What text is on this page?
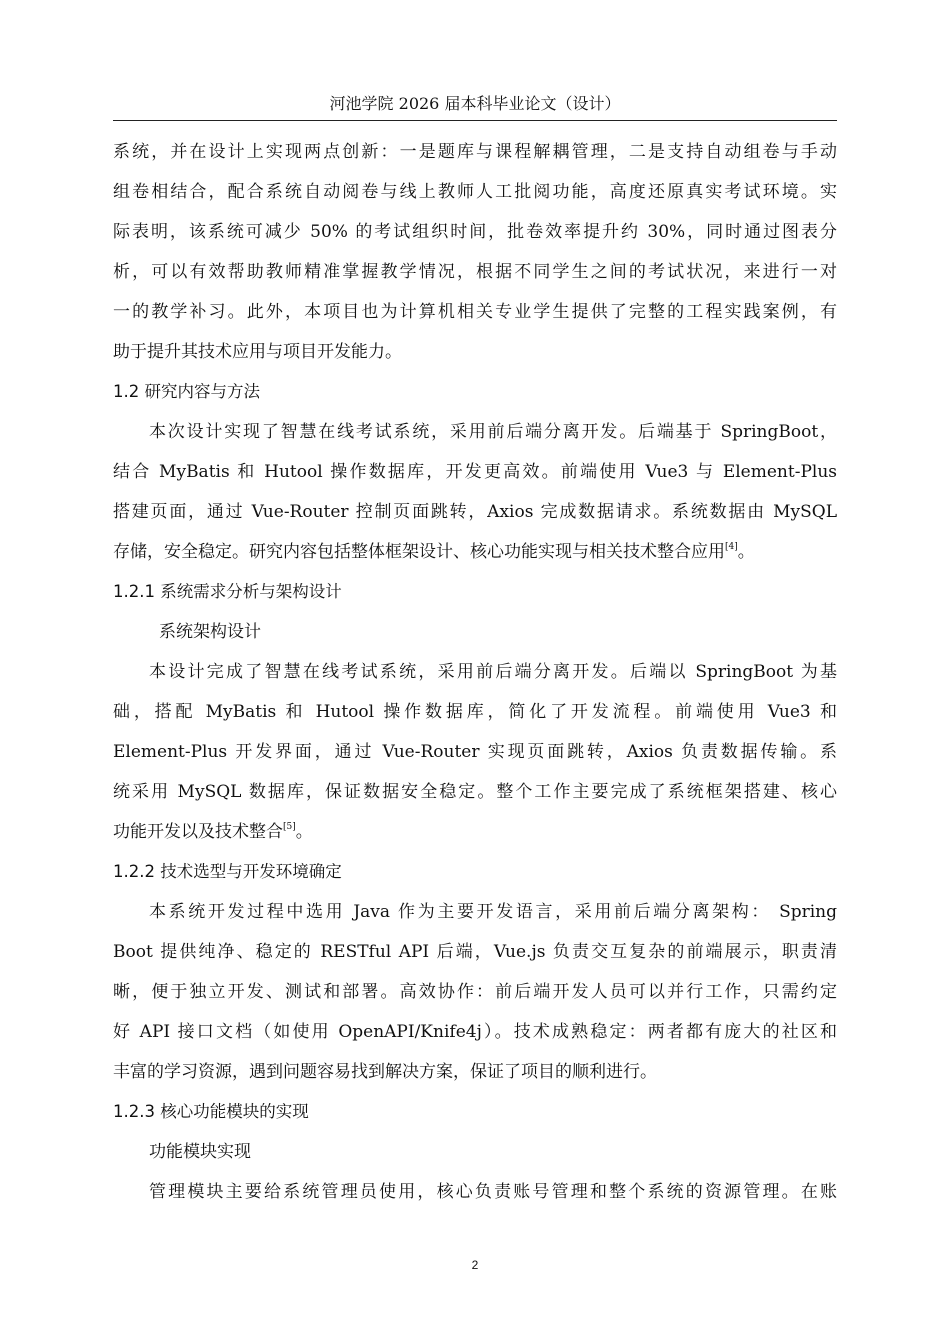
河池学院 2026 届本科毕业论文（设计）
系统，并在设计上实现两点创新：一是题库与课程解耦管理，二是支持自动组卷与手动
组卷相结合，配合系统自动阅卷与线上教师人工批阅功能，高度还原真实考试环境。实
际表明，该系统可减少 50% 的考试组织时间，批卷效率提升约 30%，同时通过图表分
析，可以有效帮助教师精准掌握教学情况，根据不同学生之间的考试状况，来进行一对
一的教学补习。此外，本项目也为计算机相关专业学生提供了完整的工程实践案例，有
助于提升其技术应用与项目开发能力。
1.2 研究内容与方法
本次设计实现了智慧在线考试系统，采用前后端分离开发。后端基于 SpringBoot，
结合 MyBatis 和 Hutool 操作数据库，开发更高效。前端使用 Vue3 与 Element-Plus
搭建页面，通过 Vue-Router 控制页面跳转，Axios 完成数据请求。系统数据由 MySQL
存储，安全稳定。研究内容包括整体框架设计、核心功能实现与相关技术整合应用[4]。
1.2.1 系统需求分析与架构设计
系统架构设计
本设计完成了智慧在线考试系统，采用前后端分离开发。后端以 SpringBoot 为基
础，搭配 MyBatis 和 Hutool 操作数据库，简化了开发流程。前端使用 Vue3 和
Element-Plus 开发界面，通过 Vue-Router 实现页面跳转，Axios 负责数据传输。系
统采用 MySQL 数据库，保证数据安全稳定。整个工作主要完成了系统框架搭建、核心
功能开发以及技术整合[5]。
1.2.2 技术选型与开发环境确定
本系统开发过程中选用 Java 作为主要开发语言，采用前后端分离架构： Spring
Boot 提供纯净、稳定的 RESTful API 后端，Vue.js 负责交互复杂的前端展示，职责清
晰，便于独立开发、测试和部署。高效协作：前后端开发人员可以并行工作，只需约定
好 API 接口文档（如使用 OpenAPI/Knife4j）。技术成熟稳定：两者都有庞大的社区和
丰富的学习资源，遇到问题容易找到解决方案，保证了项目的顺利进行。
1.2.3 核心功能模块的实现
功能模块实现
管理模块主要给系统管理员使用，核心负责账号管理和整个系统的资源管理。在账
2
